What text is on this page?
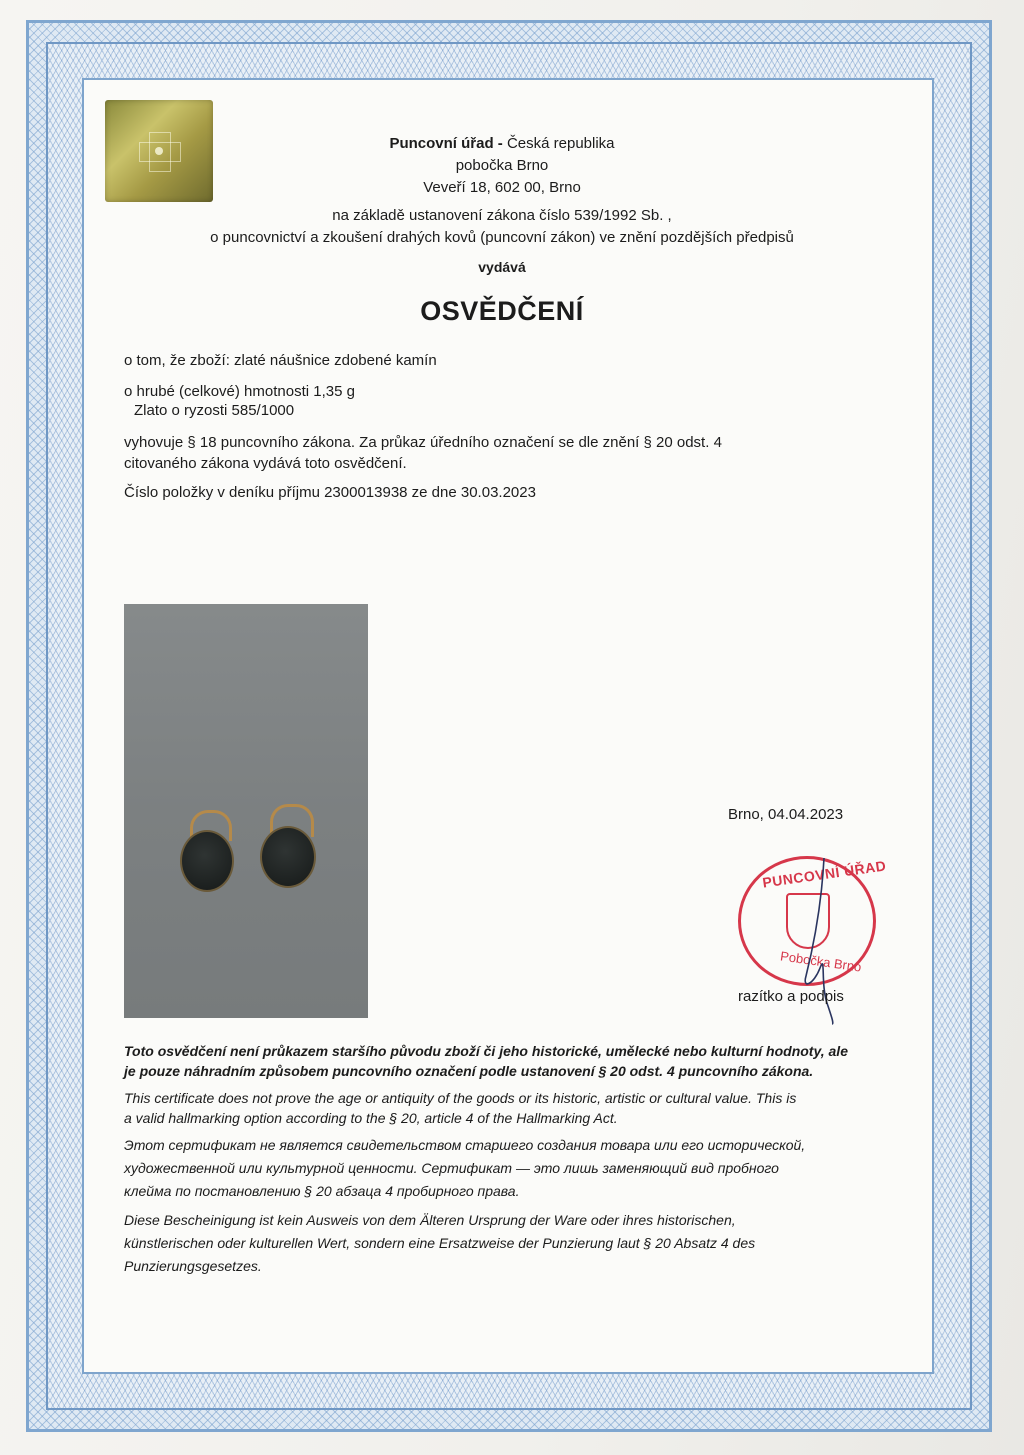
Puncovní úřad - Česká republika
pobočka Brno
Veveří 18, 602 00, Brno
na základě ustanovení zákona číslo 539/1992 Sb. ,
o puncovnictví a zkoušení drahých kovů (puncovní zákon) ve znění pozdějších předpisů
vydává
OSVĚDČENÍ
o tom, že zboží: zlaté náušnice zdobené kamín
o hrubé (celkové) hmotnosti 1,35 g
Zlato o ryzosti 585/1000
vyhovuje § 18 puncovního zákona. Za průkaz úředního označení se dle znění § 20 odst. 4
citovaného zákona vydává toto osvědčení.
Číslo položky v deníku příjmu 2300013938 ze dne 30.03.2023
Brno, 04.04.2023
PUNCOVNÍ ÚŘAD
Pobočka Brno
razítko a podpis
Toto osvědčení není průkazem staršího původu zboží či jeho historické, umělecké nebo kulturní hodnoty, ale
je pouze náhradním způsobem puncovního označení podle ustanovení § 20 odst. 4 puncovního zákona.
This certificate does not prove the age or antiquity of the goods or its historic, artistic or cultural value. This is
a valid hallmarking option according to the § 20, article 4 of the Hallmarking Act.
Этот сертификат не является свидетельством старшего создания товара или его исторической,
художественной или культурной ценности. Сертификат — это лишь заменяющий вид пробного
клейма по постановлению § 20 абзаца 4 пробирного права.
Diese Bescheinigung ist kein Ausweis von dem Älteren Ursprung der Ware oder ihres historischen,
künstlerischen oder kulturellen Wert, sondern eine Ersatzweise der Punzierung laut § 20 Absatz 4 des
Punzierungsgesetzes.
